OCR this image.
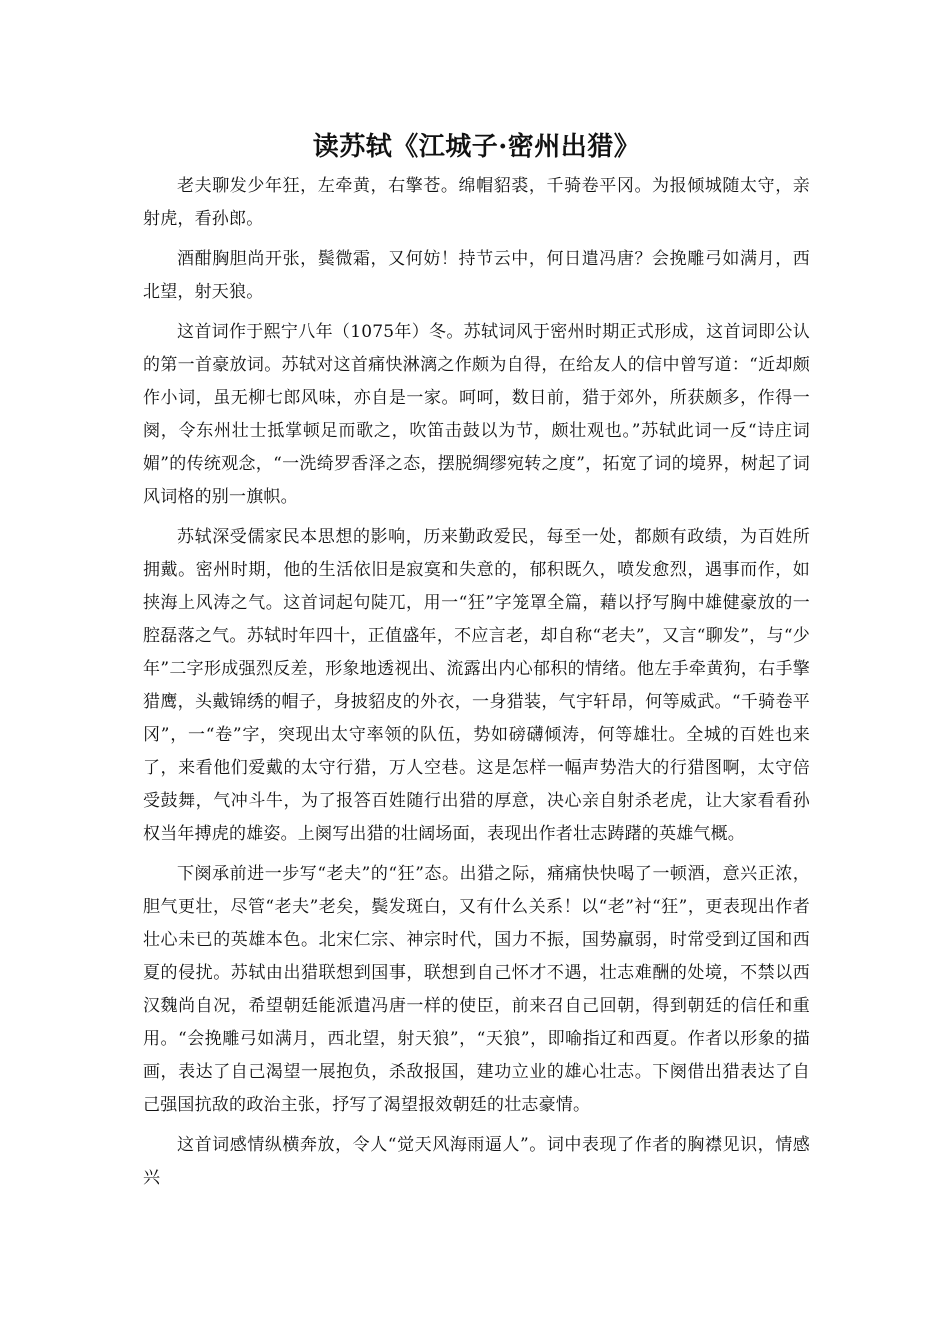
读苏轼《江城子·密州出猎》

老夫聊发少年狂，左牵黄，右擎苍。绵帽貂裘，千骑卷平冈。为报倾城随太守，亲射虎，看孙郎。

酒酣胸胆尚开张，鬓微霜，又何妨！持节云中，何日遣冯唐？会挽雕弓如满月，西北望，射天狼。

这首词作于熙宁八年（1075年）冬。苏轼词风于密州时期正式形成，这首词即公认的第一首豪放词。苏轼对这首痛快淋漓之作颇为自得，在给友人的信中曾写道：“近却颇作小词，虽无柳七郎风味，亦自是一家。呵呵，数日前，猎于郊外，所获颇多，作得一阕，令东州壮士抵掌顿足而歌之，吹笛击鼓以为节，颇壮观也。”苏轼此词一反“诗庄词媚”的传统观念，“一洗绮罗香泽之态，摆脱绸缪宛转之度”，拓宽了词的境界，树起了词风词格的别一旗帜。

苏轼深受儒家民本思想的影响，历来勤政爱民，每至一处，都颇有政绩，为百姓所拥戴。密州时期，他的生活依旧是寂寞和失意的，郁积既久，喷发愈烈，遇事而作，如挟海上风涛之气。这首词起句陡兀，用一“狂”字笼罩全篇，藉以抒写胸中雄健豪放的一腔磊落之气。苏轼时年四十，正值盛年，不应言老，却自称“老夫”，又言“聊发”，与“少年”二字形成强烈反差，形象地透视出、流露出内心郁积的情绪。他左手牵黄狗，右手擎猎鹰，头戴锦绣的帽子，身披貂皮的外衣，一身猎装，气宇轩昂，何等威武。“千骑卷平冈”，一“卷”字，突现出太守率领的队伍，势如磅礴倾涛，何等雄壮。全城的百姓也来了，来看他们爱戴的太守行猎，万人空巷。这是怎样一幅声势浩大的行猎图啊，太守倍受鼓舞，气冲斗牛，为了报答百姓随行出猎的厚意，决心亲自射杀老虎，让大家看看孙权当年搏虎的雄姿。上阕写出猎的壮阔场面，表现出作者壮志踌躇的英雄气概。

下阕承前进一步写“老夫”的“狂”态。出猎之际，痛痛快快喝了一顿酒，意兴正浓，胆气更壮，尽管“老夫”老矣，鬓发斑白，又有什么关系！以“老”衬“狂”，更表现出作者壮心未已的英雄本色。北宋仁宗、神宗时代，国力不振，国势羸弱，时常受到辽国和西夏的侵扰。苏轼由出猎联想到国事，联想到自己怀才不遇，壮志难酬的处境，不禁以西汉魏尚自况，希望朝廷能派遣冯唐一样的使臣，前来召自己回朝，得到朝廷的信任和重用。“会挽雕弓如满月，西北望，射天狼”，“天狼”，即喻指辽和西夏。作者以形象的描画，表达了自己渴望一展抱负，杀敌报国，建功立业的雄心壮志。下阕借出猎表达了自己强国抗敌的政治主张，抒写了渴望报效朝廷的壮志豪情。

这首词感情纵横奔放，令人“觉天风海雨逼人”。词中表现了作者的胸襟见识，情感兴
